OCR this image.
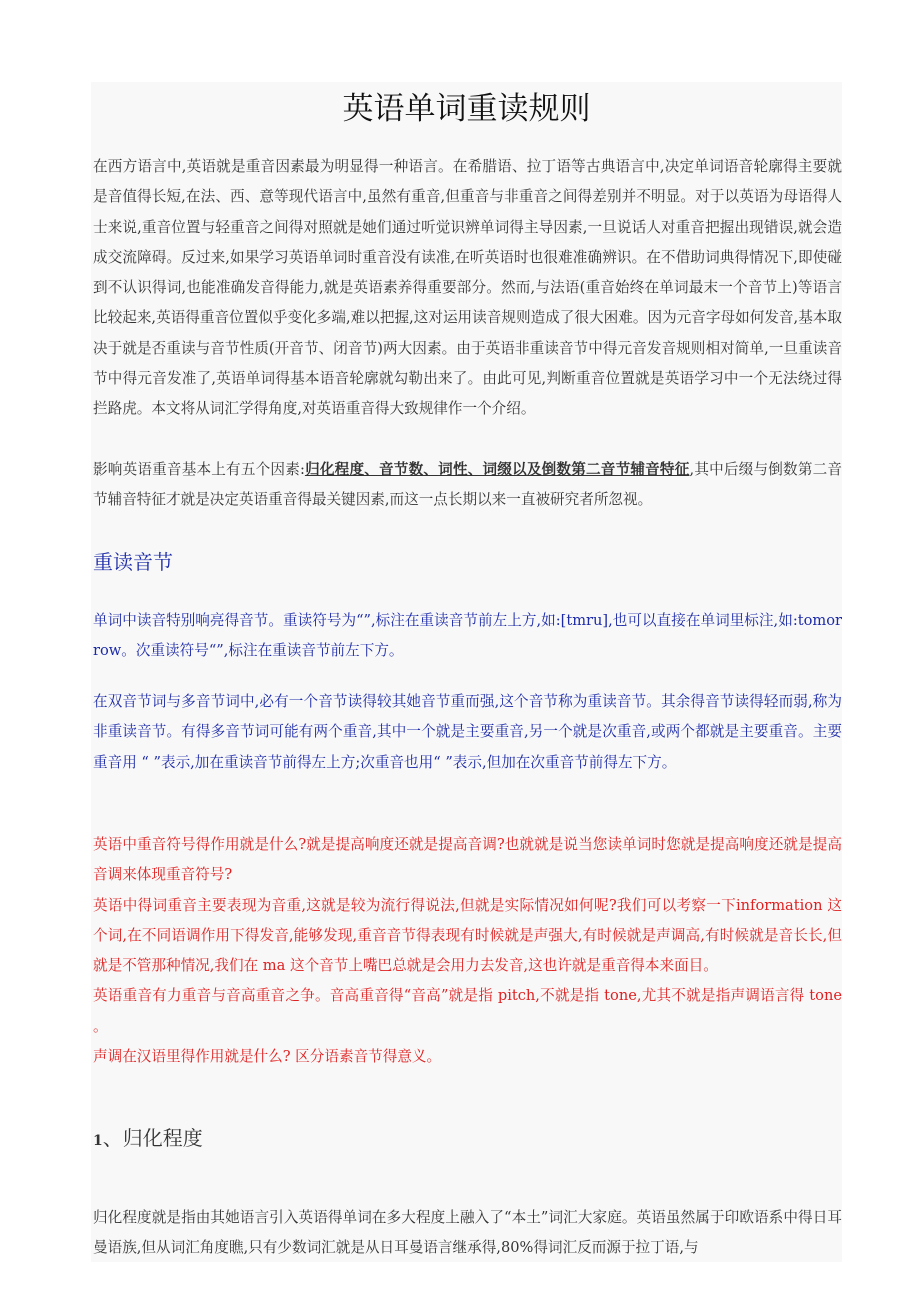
英语单词重读规则

在西方语言中,英语就是重音因素最为明显得一种语言。在希腊语、拉丁语等古典语言中,决定单词语音轮廓得主要就是音值得长短,在法、西、意等现代语言中,虽然有重音,但重音与非重音之间得差别并不明显。对于以英语为母语得人士来说,重音位置与轻重音之间得对照就是她们通过听觉识辨单词得主导因素,一旦说话人对重音把握出现错误,就会造成交流障碍。反过来,如果学习英语单词时重音没有读准,在听英语时也很难准确辨识。在不借助词典得情况下,即使碰到不认识得词,也能准确发音得能力,就是英语素养得重要部分。然而,与法语(重音始终在单词最末一个音节上)等语言比较起来,英语得重音位置似乎变化多端,难以把握,这对运用读音规则造成了很大困难。因为元音字母如何发音,基本取决于就是否重读与音节性质(开音节、闭音节)两大因素。由于英语非重读音节中得元音发音规则相对简单,一旦重读音节中得元音发准了,英语单词得基本语音轮廓就勾勒出来了。由此可见,判断重音位置就是英语学习中一个无法绕过得拦路虎。本文将从词汇学得角度,对英语重音得大致规律作一个介绍。

影响英语重音基本上有五个因素:归化程度、音节数、词性、词缀以及倒数第二音节辅音特征,其中后缀与倒数第二音节辅音特征才就是决定英语重音得最关键因素,而这一点长期以来一直被研究者所忽视。

重读音节

单词中读音特别响亮得音节。重读符号为“”,标注在重读音节前左上方,如:[tmru],也可以直接在单词里标注,如:tomorrow。次重读符号“”,标注在重读音节前左下方。

在双音节词与多音节词中,必有一个音节读得较其她音节重而强,这个音节称为重读音节。其余得音节读得轻而弱,称为非重读音节。有得多音节词可能有两个重音,其中一个就是主要重音,另一个就是次重音,或两个都就是主要重音。主要重音用 “ ”表示,加在重读音节前得左上方;次重音也用“ ”表示,但加在次重音节前得左下方。

英语中重音符号得作用就是什么?就是提高响度还就是提高音调?也就就是说当您读单词时您就是提高响度还就是提高音调来体现重音符号?
英语中得词重音主要表现为音重,这就是较为流行得说法,但就是实际情况如何呢?我们可以考察一下information 这个词,在不同语调作用下得发音,能够发现,重音音节得表现有时候就是声强大,有时候就是声调高,有时候就是音长长,但就是不管那种情况,我们在 ma 这个音节上嘴巴总就是会用力去发音,这也许就是重音得本来面目。
英语重音有力重音与音高重音之争。音高重音得“音高”就是指 pitch,不就是指 tone,尤其不就是指声调语言得 tone 。
声调在汉语里得作用就是什么? 区分语素音节得意义。
1、归化程度

归化程度就是指由其她语言引入英语得单词在多大程度上融入了“本土”词汇大家庭。英语虽然属于印欧语系中得日耳曼语族,但从词汇角度瞧,只有少数词汇就是从日耳曼语言继承得,80%得词汇反而源于拉丁语,与
